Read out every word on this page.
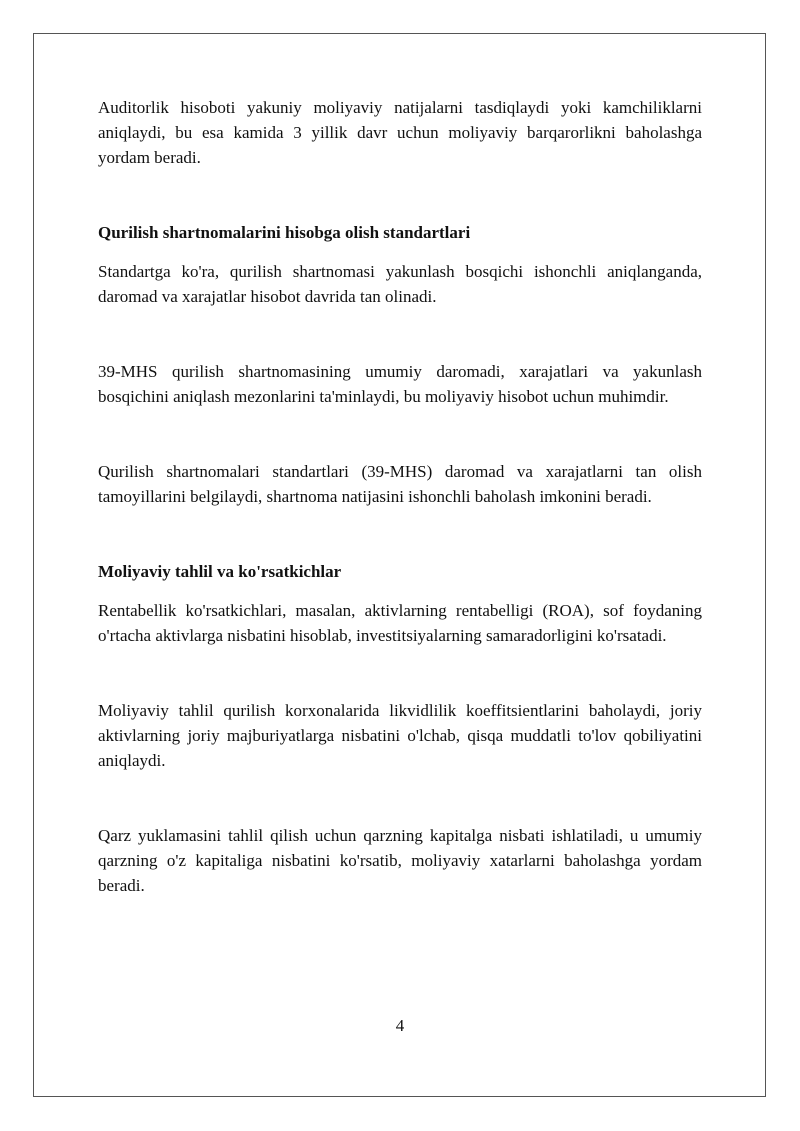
Auditorlik hisoboti yakuniy moliyaviy natijalarni tasdiqlaydi yoki kamchiliklarni aniqlaydi, bu esa kamida 3 yillik davr uchun moliyaviy barqarorlikni baholashga yordam beradi.

Qurilish shartnomalarini hisobga olish standartlari

Standartga ko'ra, qurilish shartnomasi yakunlash bosqichi ishonchli aniqlanganda, daromad va xarajatlar hisobot davrida tan olinadi.

39-MHS qurilish shartnomasining umumiy daromadi, xarajatlari va yakunlash bosqichini aniqlash mezonlarini ta'minlaydi, bu moliyaviy hisobot uchun muhimdir.

Qurilish shartnomalari standartlari (39-MHS) daromad va xarajatlarni tan olish tamoyillarini belgilaydi, shartnoma natijasini ishonchli baholash imkonini beradi.

Moliyaviy tahlil va ko'rsatkichlar

Rentabellik ko'rsatkichlari, masalan, aktivlarning rentabelligi (ROA), sof foydaning o'rtacha aktivlarga nisbatini hisoblab, investitsiyalarning samaradorligini ko'rsatadi.

Moliyaviy tahlil qurilish korxonalarida likvidlilik koeffitsientlarini baholaydi, joriy aktivlarning joriy majburiyatlarga nisbatini o'lchab, qisqa muddatli to'lov qobiliyatini aniqlaydi.

Qarz yuklamasini tahlil qilish uchun qarzning kapitalga nisbati ishlatiladi, u umumiy qarzning o'z kapitaliga nisbatini ko'rsatib, moliyaviy xatarlarni baholashga yordam beradi.

4
